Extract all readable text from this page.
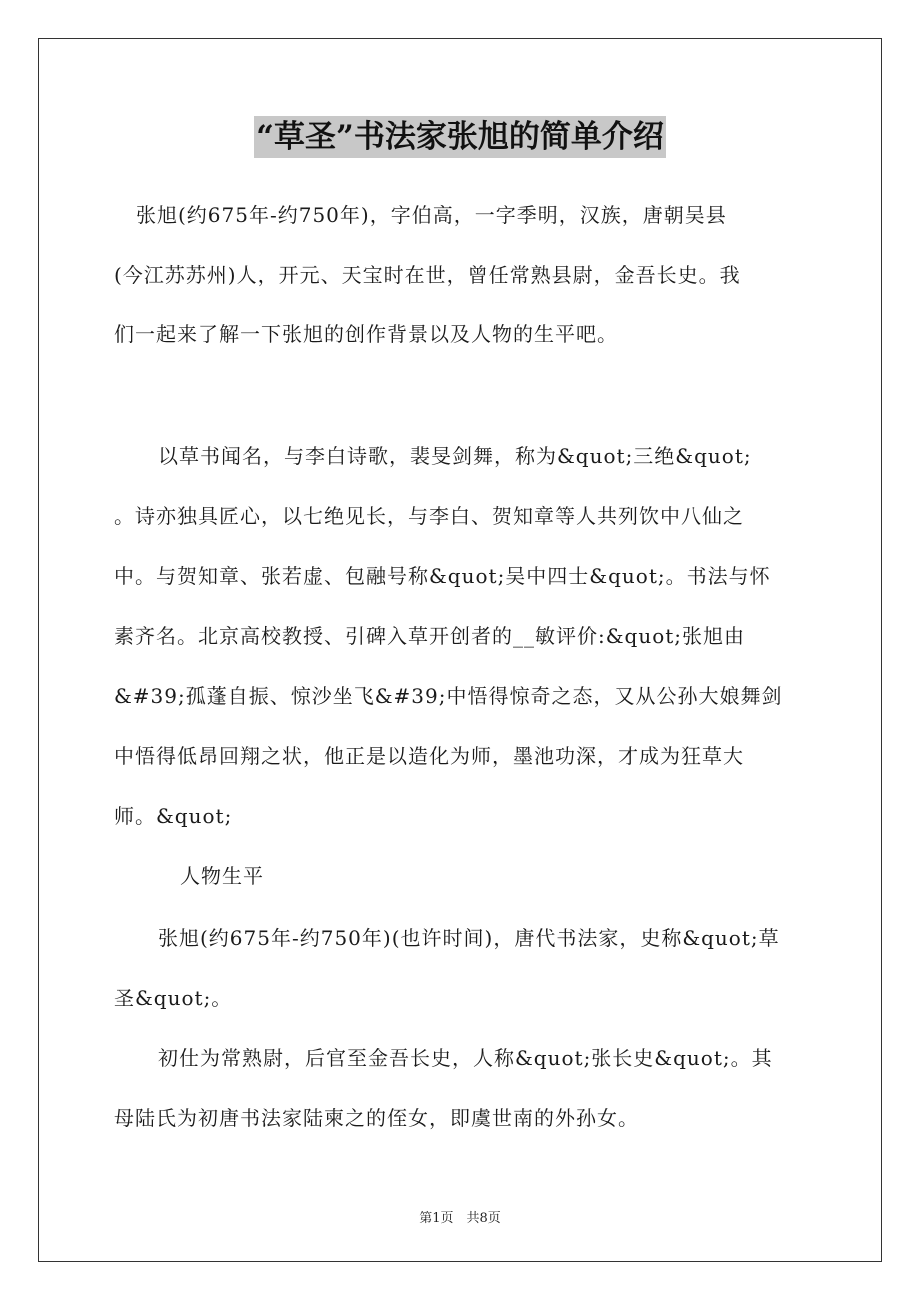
“草圣”书法家张旭的简单介绍
张旭(约675年-约750年)，字伯高，一字季明，汉族，唐朝吴县
(今江苏苏州)人，开元、天宝时在世，曾任常熟县尉，金吾长史。我
们一起来了解一下张旭的创作背景以及人物的生平吧。
以草书闻名，与李白诗歌，裴旻剑舞，称为&quot;三绝&quot;
。诗亦独具匠心，以七绝见长，与李白、贺知章等人共列饮中八仙之
中。与贺知章、张若虚、包融号称&quot;吴中四士&quot;。书法与怀
素齐名。北京高校教授、引碑入草开创者的__敏评价:&quot;张旭由
&#39;孤蓬自振、惊沙坐飞&#39;中悟得惊奇之态，又从公孙大娘舞剑
中悟得低昂回翔之状，他正是以造化为师，墨池功深，才成为狂草大
师。&quot;
人物生平
张旭(约675年-约750年)(也许时间)，唐代书法家，史称&quot;草
圣&quot;。
初仕为常熟尉，后官至金吾长史，人称&quot;张长史&quot;。其
母陆氏为初唐书法家陆柬之的侄女，即虞世南的外孙女。
第1页　共8页
